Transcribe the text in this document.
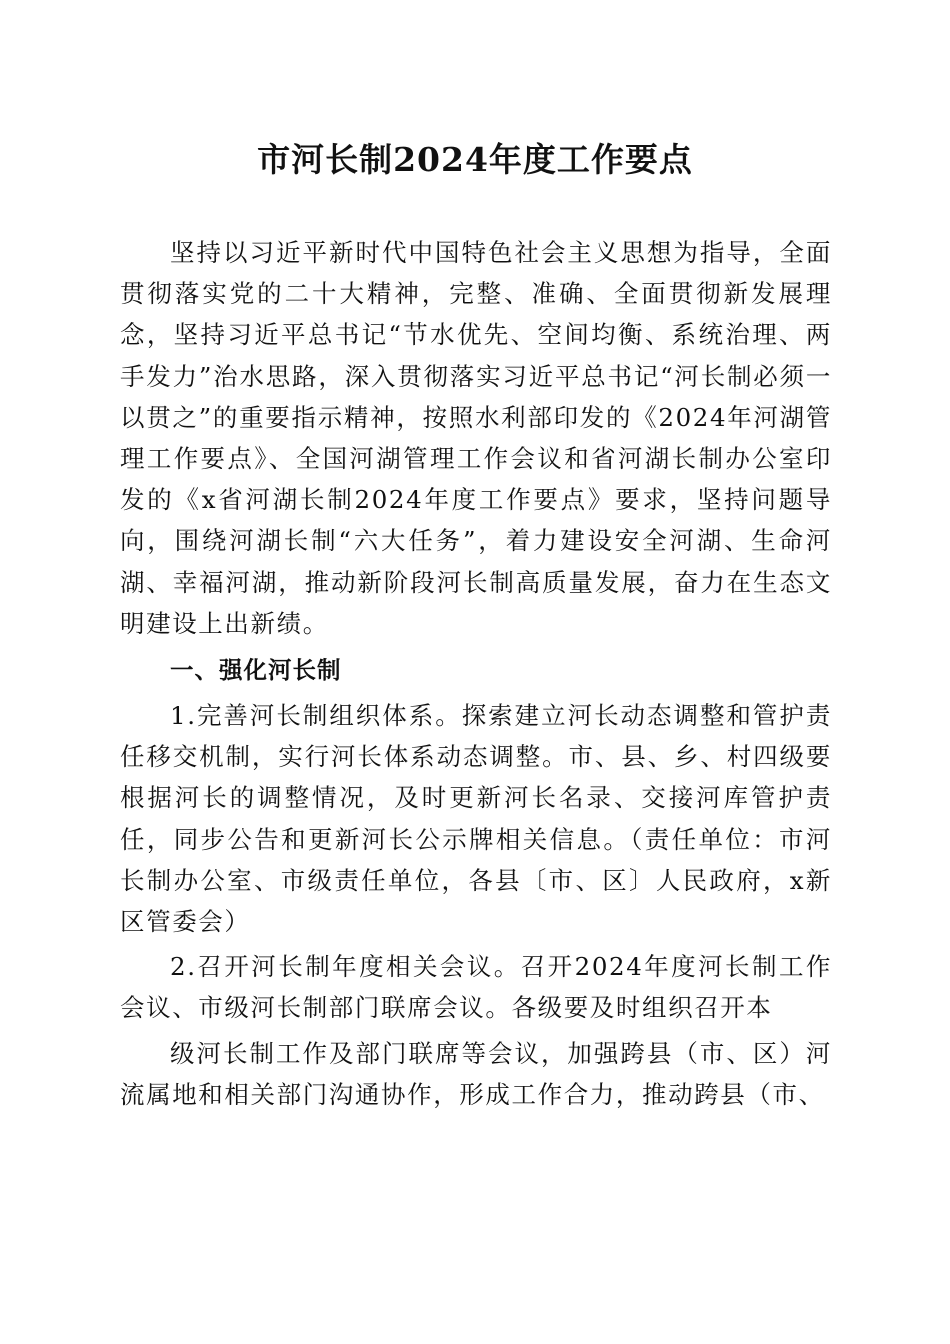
市河长制2024年度工作要点

坚持以习近平新时代中国特色社会主义思想为指导，全面贯彻落实党的二十大精神，完整、准确、全面贯彻新发展理念，坚持习近平总书记“节水优先、空间均衡、系统治理、两手发力”治水思路，深入贯彻落实习近平总书记“河长制必须一以贯之”的重要指示精神，按照水利部印发的《2024年河湖管理工作要点》、全国河湖管理工作会议和省河湖长制办公室印发的《x省河湖长制2024年度工作要点》要求，坚持问题导向，围绕河湖长制“六大任务”，着力建设安全河湖、生命河湖、幸福河湖，推动新阶段河长制高质量发展，奋力在生态文明建设上出新绩。

一、强化河长制

1.完善河长制组织体系。探索建立河长动态调整和管护责任移交机制，实行河长体系动态调整。市、县、乡、村四级要根据河长的调整情况，及时更新河长名录、交接河库管护责任，同步公告和更新河长公示牌相关信息。（责任单位：市河长制办公室、市级责任单位，各县〔市、区〕人民政府，x新区管委会）

2.召开河长制年度相关会议。召开2024年度河长制工作会议、市级河长制部门联席会议。各级要及时组织召开本

级河长制工作及部门联席等会议，加强跨县（市、区）河流属地和相关部门沟通协作，形成工作合力，推动跨县（市、
